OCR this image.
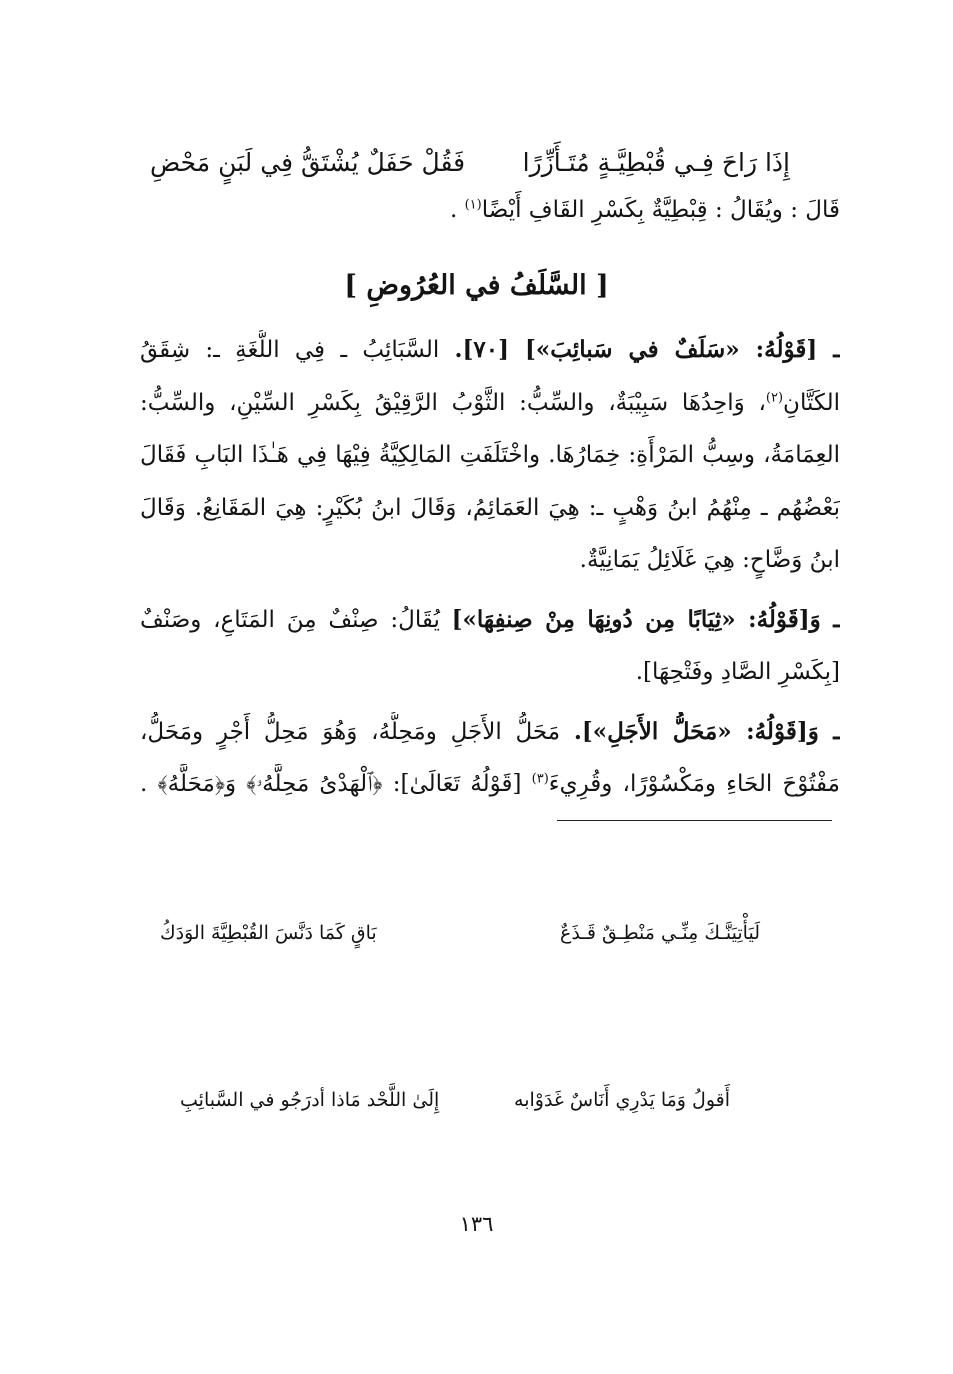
إِذَا رَاحَ فِـي قُبْطِيَّـةٍ مُتَـأَزِّرًا
فَقُلْ حَفَلٌ يُشْتَقُّ فِي لَبَنٍ مَحْضِ
قَالَ : ويُقَالُ : قِبْطِيَّةٌ بِكَسْرِ القَافِ أَيْضًا$^{(١)}$ .
[ السَّلَفُ في العُرُوضِ ]
ـ [قَوْلُهُ: «سَلَفٌ في سَبائِبَ»] [٧٠]. السَّبَائِبُ ـ فِي اللُّغَةِ ـ: شِقَقُ
الكَتَّانِ$^{(٢)}$، وَاحِدُهَا سَبِيْبَةٌ، والسِّبُّ: الثَّوْبُ الرَّقِيْقُ بِكَسْرِ السِّيْنِ، والسِّبُّ:
العِمَامَةُ، وسِبُّ المَرْأَةِ: خِمَارُهَا. واخْتَلَفَتِ المَالِكِيَّةُ فِيْهَا فِي هَـٰذَا البَابِ فَقَالَ
بَعْضُهُم ـ مِنْهُمُ ابنُ وَهْبٍ ـ: هِيَ العَمَائِمُ، وَقَالَ ابنُ بُكَيْرٍ: هِيَ المَقَانِعُ. وَقَالَ
ابنُ وَضَّاحٍ: هِيَ غَلَائِلُ يَمَانِيَّةٌ.
ـ وَ[قَوْلُهُ: «ثِيَابًا مِن دُونِهَا مِنْ صِنفِهَا»] يُقَالُ: صِنْفٌ مِنَ المَتَاعِ، وصَنْفٌ
[بِكَسْرِ الصَّادِ وفَتْحِهَا].
ـ وَ[قَوْلُهُ: «مَحَلُّ الأَجَلِ»]. مَحَلُّ الأَجَلِ ومَحِلُّهُ، وَهُوَ مَحِلُّ أَجْرٍ ومَحَلُّ،
مَفْتُوْحَ الحَاءِ ومَكْسُوْرًا، وقُرِيءَ$^{(٣)}$ [قَوْلُهُ تَعَالَىٰ]: ﴿ٱلْهَدْىُ مَحِلَّهُۥ﴾ وَ﴿مَحَلَّهُ﴾ .
لَيَأْتِيَنَّـكَ مِنِّـي مَنْطِـقٌ قَـذَعٌ
بَاقٍ كَمَا دَنَّسَ القُبْطِيَّةَ الوَدَكُ
أَقولُ وَمَا يَدْرِي أَنَاسٌ غَدَوْابه
إِلَىٰ اللَّحْد مَاذا أدرَجُو في السَّبائِبِ
١٣٦
